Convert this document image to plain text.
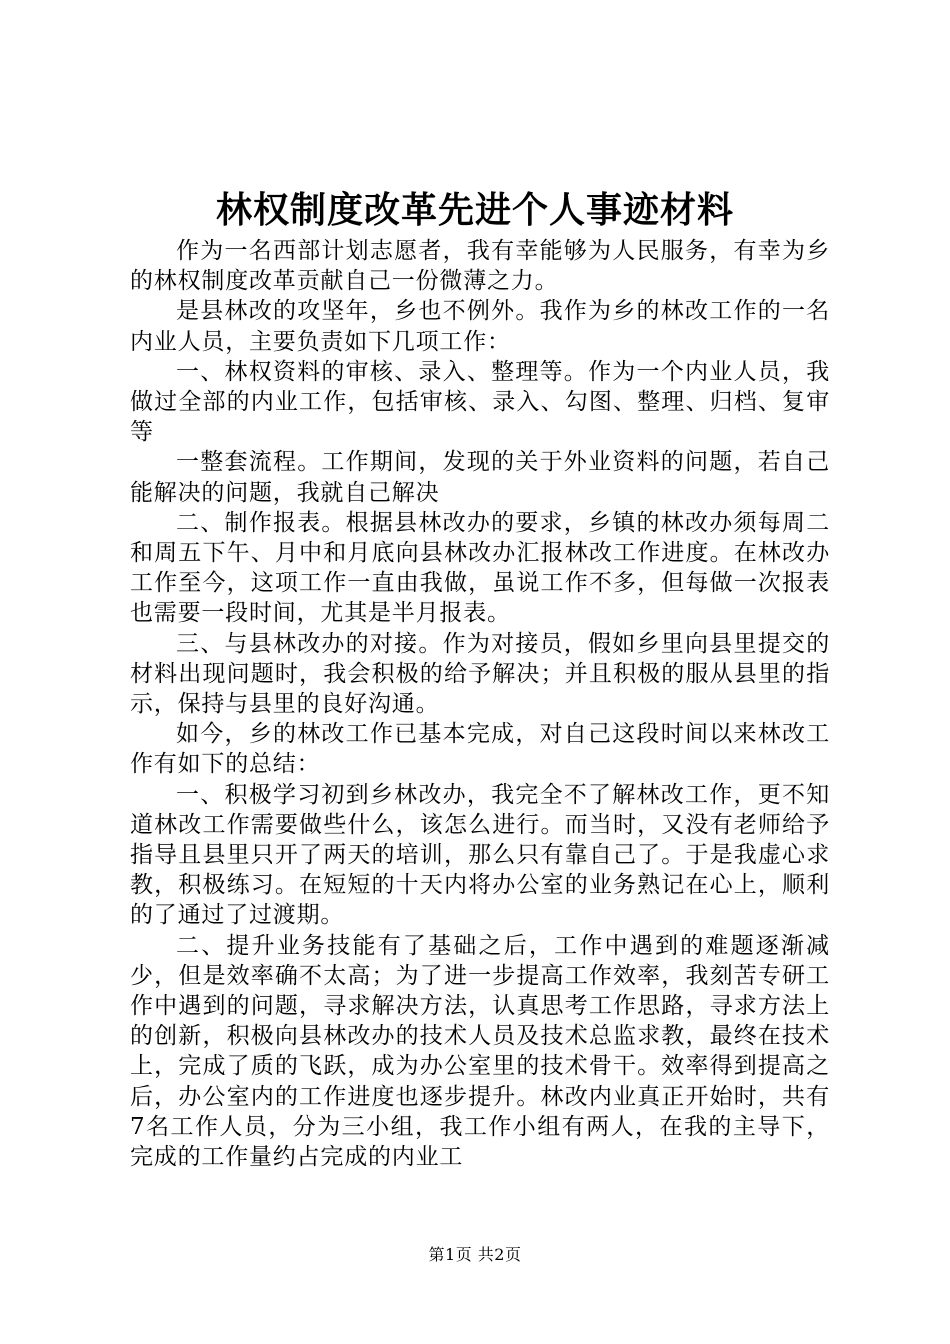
林权制度改革先进个人事迹材料

作为一名西部计划志愿者，我有幸能够为人民服务，有幸为乡的林权制度改革贡献自己一份微薄之力。

是县林改的攻坚年，乡也不例外。我作为乡的林改工作的一名内业人员，主要负责如下几项工作：

一、林权资料的审核、录入、整理等。作为一个内业人员，我做过全部的内业工作，包括审核、录入、勾图、整理、归档、复审等

一整套流程。工作期间，发现的关于外业资料的问题，若自己能解决的问题，我就自己解决

二、制作报表。根据县林改办的要求，乡镇的林改办须每周二和周五下午、月中和月底向县林改办汇报林改工作进度。在林改办工作至今，这项工作一直由我做，虽说工作不多，但每做一次报表也需要一段时间，尤其是半月报表。

三、与县林改办的对接。作为对接员，假如乡里向县里提交的材料出现问题时，我会积极的给予解决；并且积极的服从县里的指示，保持与县里的良好沟通。

如今，乡的林改工作已基本完成，对自己这段时间以来林改工作有如下的总结：

一、积极学习初到乡林改办，我完全不了解林改工作，更不知道林改工作需要做些什么，该怎么进行。而当时，又没有老师给予指导且县里只开了两天的培训，那么只有靠自己了。于是我虚心求教，积极练习。在短短的十天内将办公室的业务熟记在心上，顺利的了通过了过渡期。

二、提升业务技能有了基础之后，工作中遇到的难题逐渐减少，但是效率确不太高；为了进一步提高工作效率，我刻苦专研工作中遇到的问题，寻求解决方法，认真思考工作思路，寻求方法上的创新，积极向县林改办的技术人员及技术总监求教，最终在技术上，完成了质的飞跃，成为办公室里的技术骨干。效率得到提高之后，办公室内的工作进度也逐步提升。林改内业真正开始时，共有7名工作人员，分为三小组，我工作小组有两人，在我的主导下，完成的工作量约占完成的内业工

第1页 共2页
